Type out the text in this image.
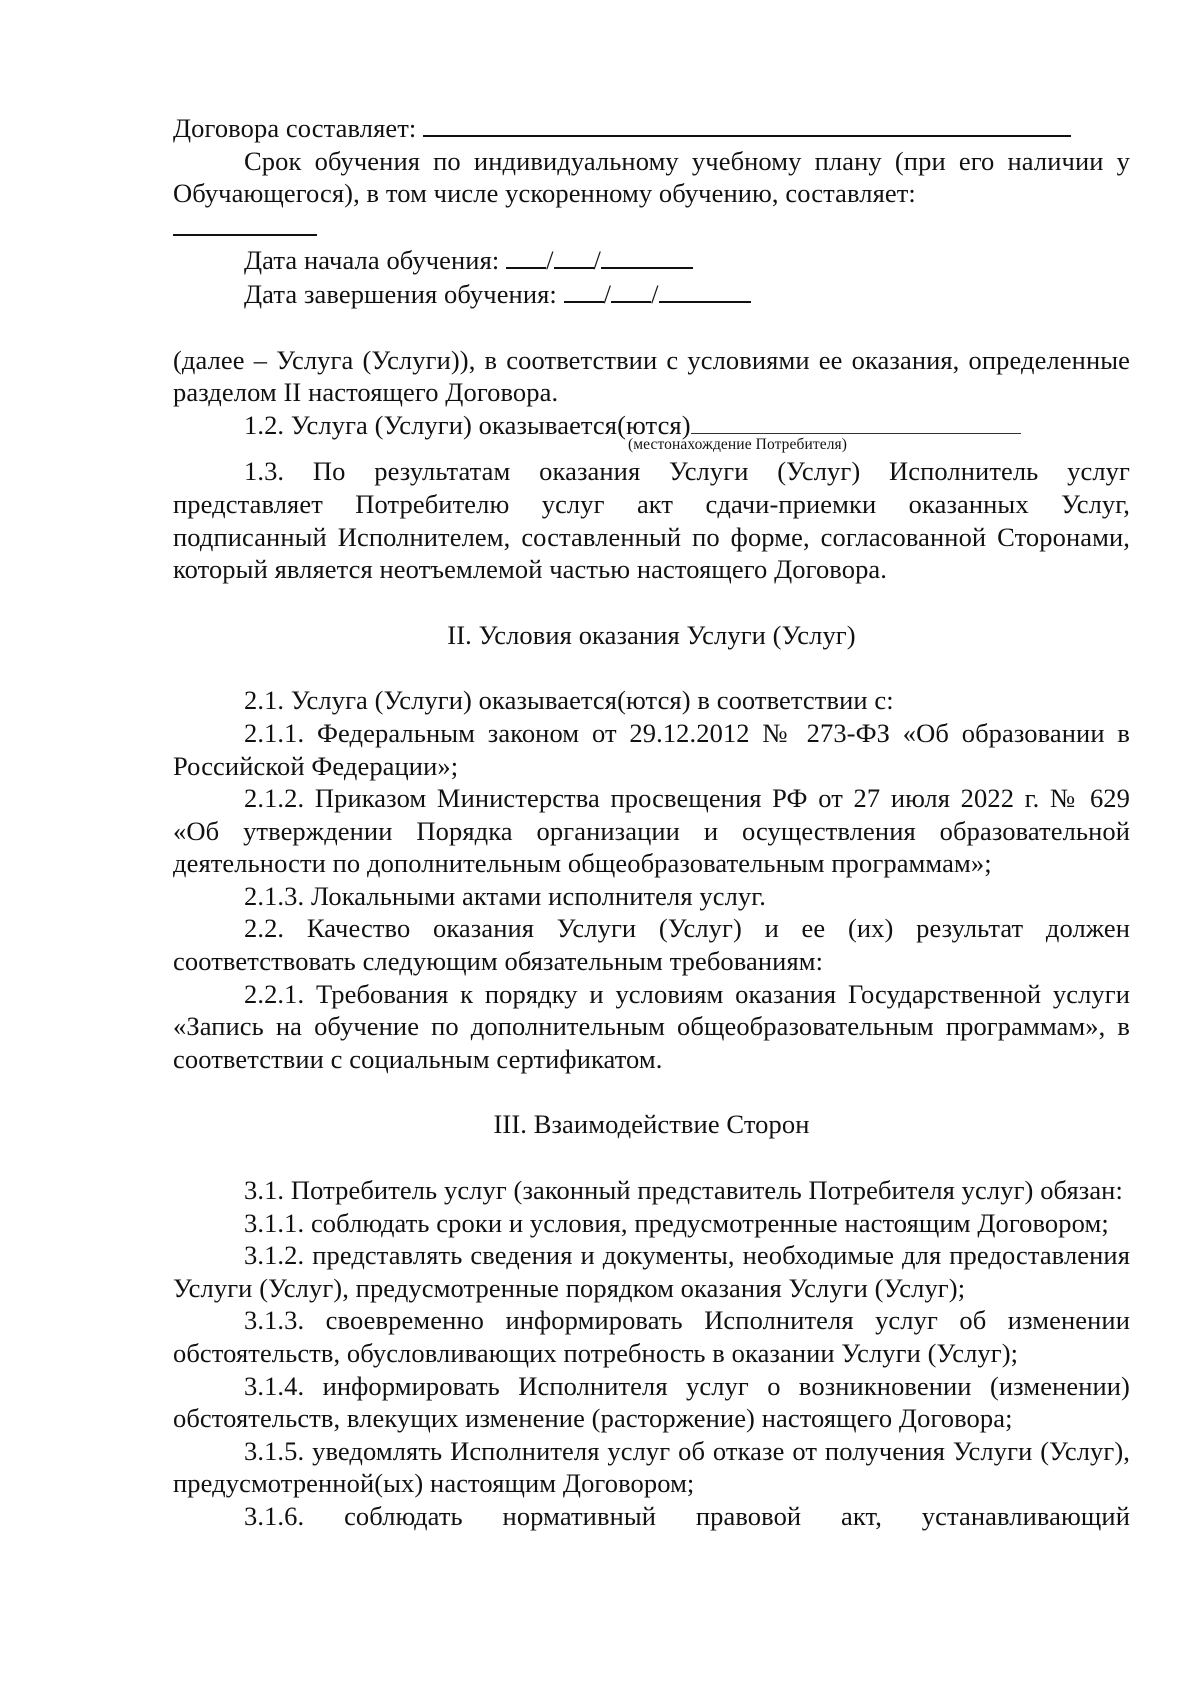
Договора составляет:

Срок обучения по индивидуальному учебному плану (при его наличии у Обучающегося), в том числе ускоренному обучению, составляет:

Дата начала обучения: / /

Дата завершения обучения: / /

(далее – Услуга (Услуги)), в соответствии с условиями ее оказания, определенные разделом II настоящего Договора.

1.2. Услуга (Услуги) оказывается(ются)

(местонахождение Потребителя)

1.3. По результатам оказания Услуги (Услуг) Исполнитель услуг представляет Потребителю услуг акт сдачи-приемки оказанных Услуг, подписанный Исполнителем, составленный по форме, согласованной Сторонами, который является неотъемлемой частью настоящего Договора.

II. Условия оказания Услуги (Услуг)

2.1. Услуга (Услуги) оказывается(ются) в соответствии с:

2.1.1. Федеральным законом от 29.12.2012 № 273-ФЗ «Об образовании в Российской Федерации»;

2.1.2. Приказом Министерства просвещения РФ от 27 июля 2022 г. № 629 «Об утверждении Порядка организации и осуществления образовательной деятельности по дополнительным общеобразовательным программам»;

2.1.3. Локальными актами исполнителя услуг.

2.2. Качество оказания Услуги (Услуг) и ее (их) результат должен соответствовать следующим обязательным требованиям:

2.2.1. Требования к порядку и условиям оказания Государственной услуги «Запись на обучение по дополнительным общеобразовательным программам», в соответствии с социальным сертификатом.

III. Взаимодействие Сторон

3.1. Потребитель услуг (законный представитель Потребителя услуг) обязан:

3.1.1. соблюдать сроки и условия, предусмотренные настоящим Договором;

3.1.2. представлять сведения и документы, необходимые для предоставления Услуги (Услуг), предусмотренные порядком оказания Услуги (Услуг);

3.1.3. своевременно информировать Исполнителя услуг об изменении обстоятельств, обусловливающих потребность в оказании Услуги (Услуг);

3.1.4. информировать Исполнителя услуг о возникновении (изменении) обстоятельств, влекущих изменение (расторжение) настоящего Договора;

3.1.5. уведомлять Исполнителя услуг об отказе от получения Услуги (Услуг), предусмотренной(ых) настоящим Договором;

3.1.6. соблюдать нормативный правовой акт, устанавливающий
